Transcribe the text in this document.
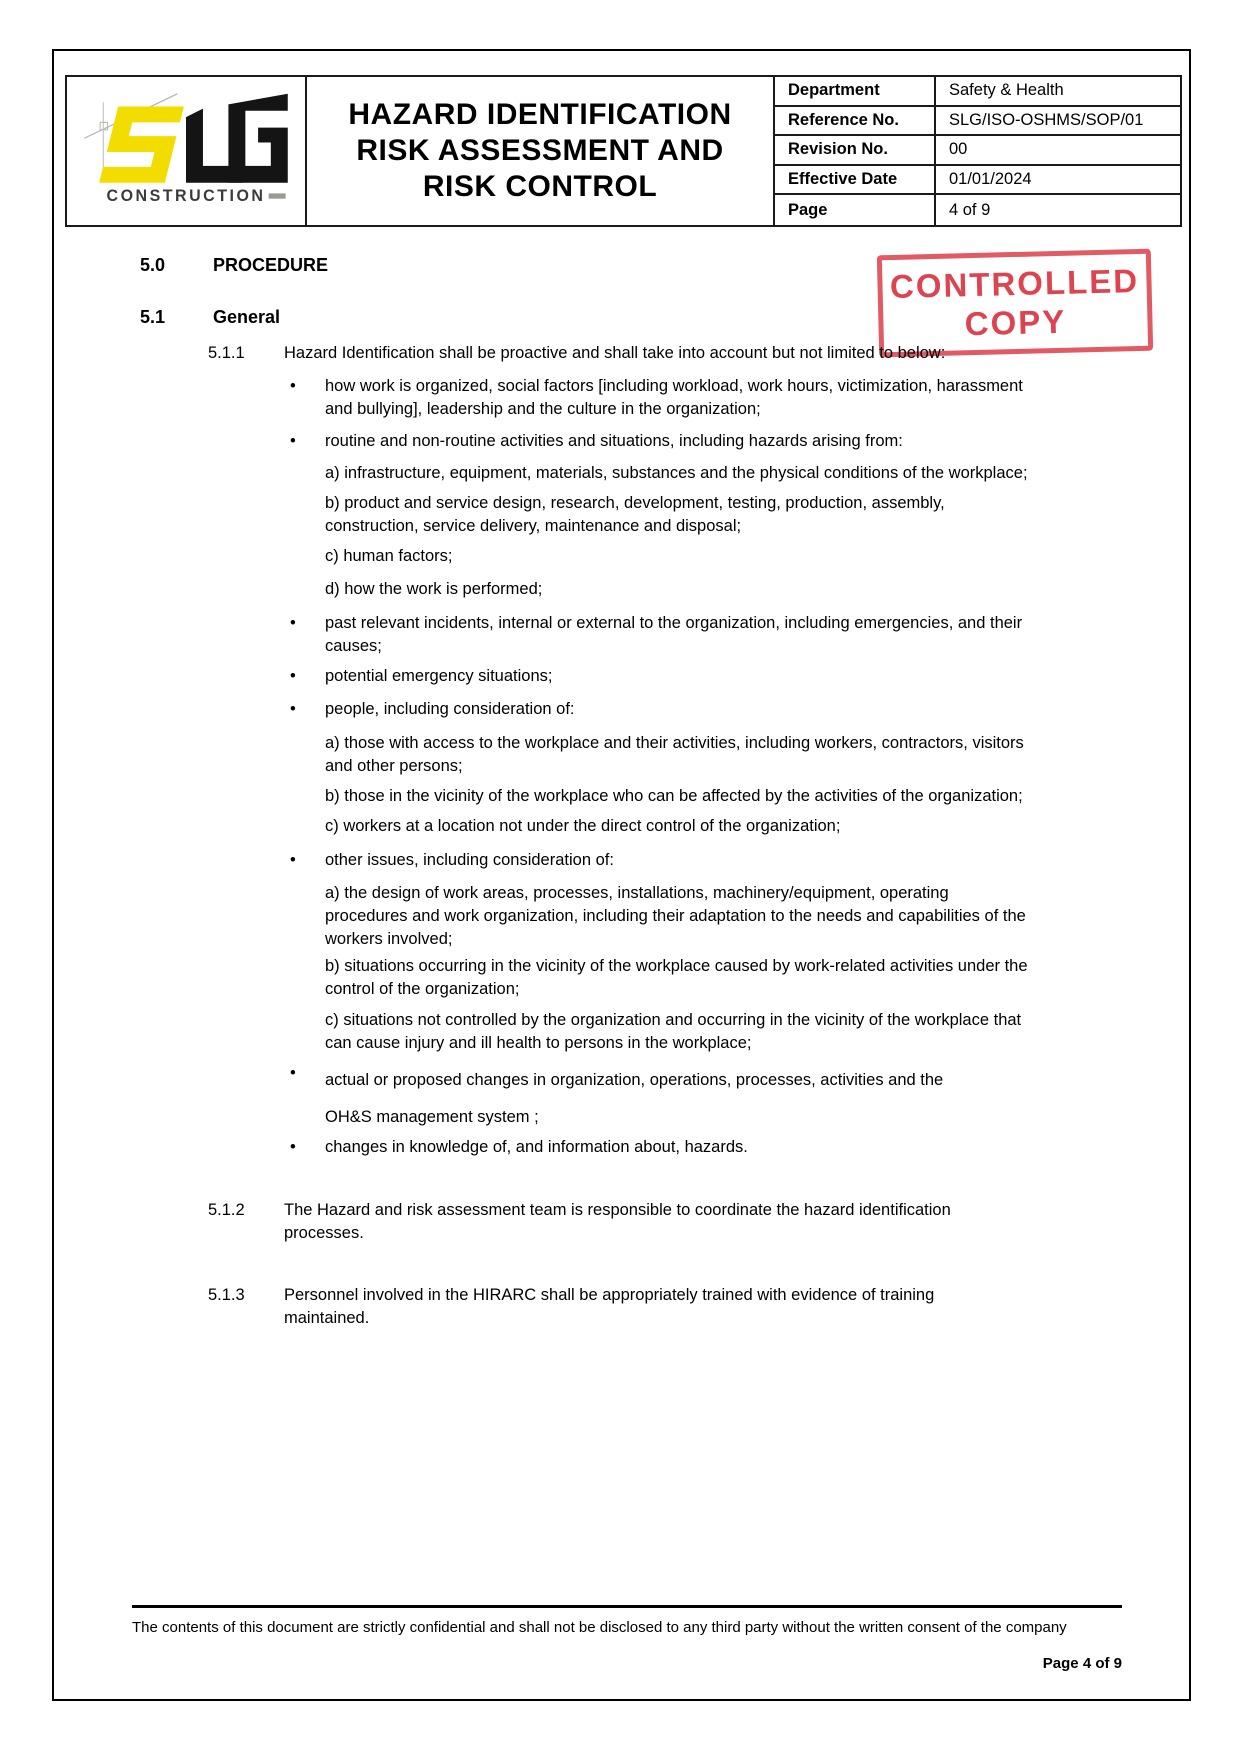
CONSTRUCTION
HAZARD IDENTIFICATION
RISK ASSESSMENT AND
RISK CONTROL
Department	Safety & Health
Reference No.	SLG/ISO-OSHMS/SOP/01
Revision No.	00
Effective Date	01/01/2024
Page	4 of 9
CONTROLLED
COPY
5.0	PROCEDURE
5.1	General
5.1.1	Hazard Identification shall be proactive and shall take into account but not limited to below:
•	how work is organized, social factors [including workload, work hours, victimization, harassment and bullying], leadership and the culture in the organization;
•	routine and non-routine activities and situations, including hazards arising from:
a) infrastructure, equipment, materials, substances and the physical conditions of the workplace;
b) product and service design, research, development, testing, production, assembly, construction, service delivery, maintenance and disposal;
c) human factors;
d) how the work is performed;
•	past relevant incidents, internal or external to the organization, including emergencies, and their causes;
•	potential emergency situations;
•	people, including consideration of:
a) those with access to the workplace and their activities, including workers, contractors, visitors and other persons;
b) those in the vicinity of the workplace who can be affected by the activities of the organization;
c) workers at a location not under the direct control of the organization;
•	other issues, including consideration of:
a) the design of work areas, processes, installations, machinery/equipment, operating procedures and work organization, including their adaptation to the needs and capabilities of the workers involved;
b) situations occurring in the vicinity of the workplace caused by work-related activities under the control of the organization;
c) situations not controlled by the organization and occurring in the vicinity of the workplace that can cause injury and ill health to persons in the workplace;
•	actual or proposed changes in organization, operations, processes, activities and the
OH&S management system ;
•	changes in knowledge of, and information about, hazards.
5.1.2	The Hazard and risk assessment team is responsible to coordinate the hazard identification processes.
5.1.3	Personnel involved in the HIRARC shall be appropriately trained with evidence of training maintained.
The contents of this document are strictly confidential and shall not be disclosed to any third party without the written consent of the company
Page 4 of 9
